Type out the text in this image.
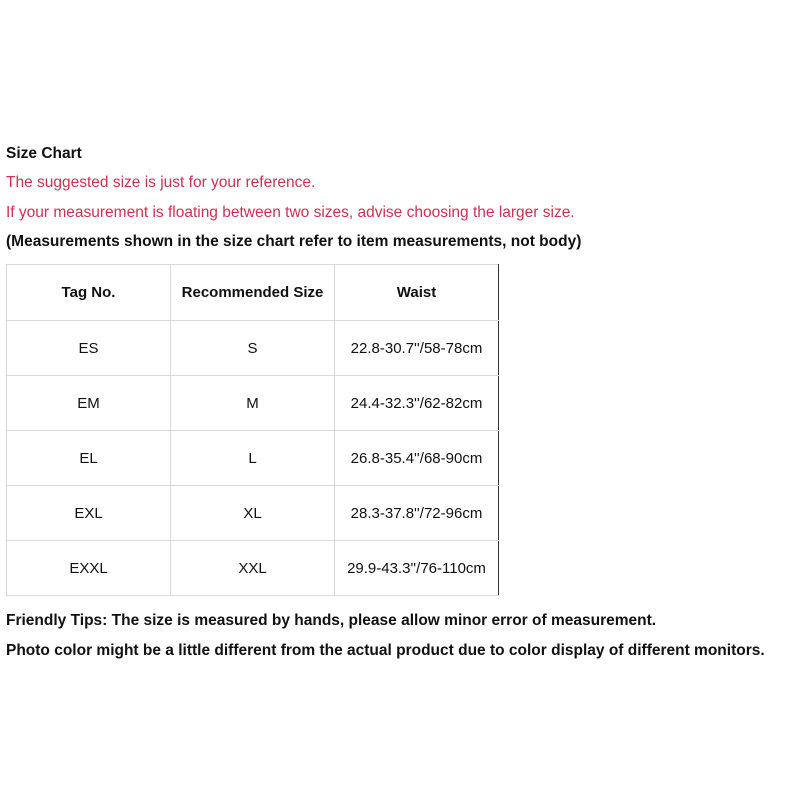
Size Chart
The suggested size is just for your reference.
If your measurement is floating between two sizes, advise choosing the larger size.
(Measurements shown in the size chart refer to item measurements, not body)
Tag No.	Recommended Size	Waist
ES	S	22.8-30.7''/58-78cm
EM	M	24.4-32.3''/62-82cm
EL	L	26.8-35.4''/68-90cm
EXL	XL	28.3-37.8''/72-96cm
EXXL	XXL	29.9-43.3''/76-110cm
Friendly Tips: The size is measured by hands, please allow minor error of measurement.
Photo color might be a little different from the actual product due to color display of different monitors.
